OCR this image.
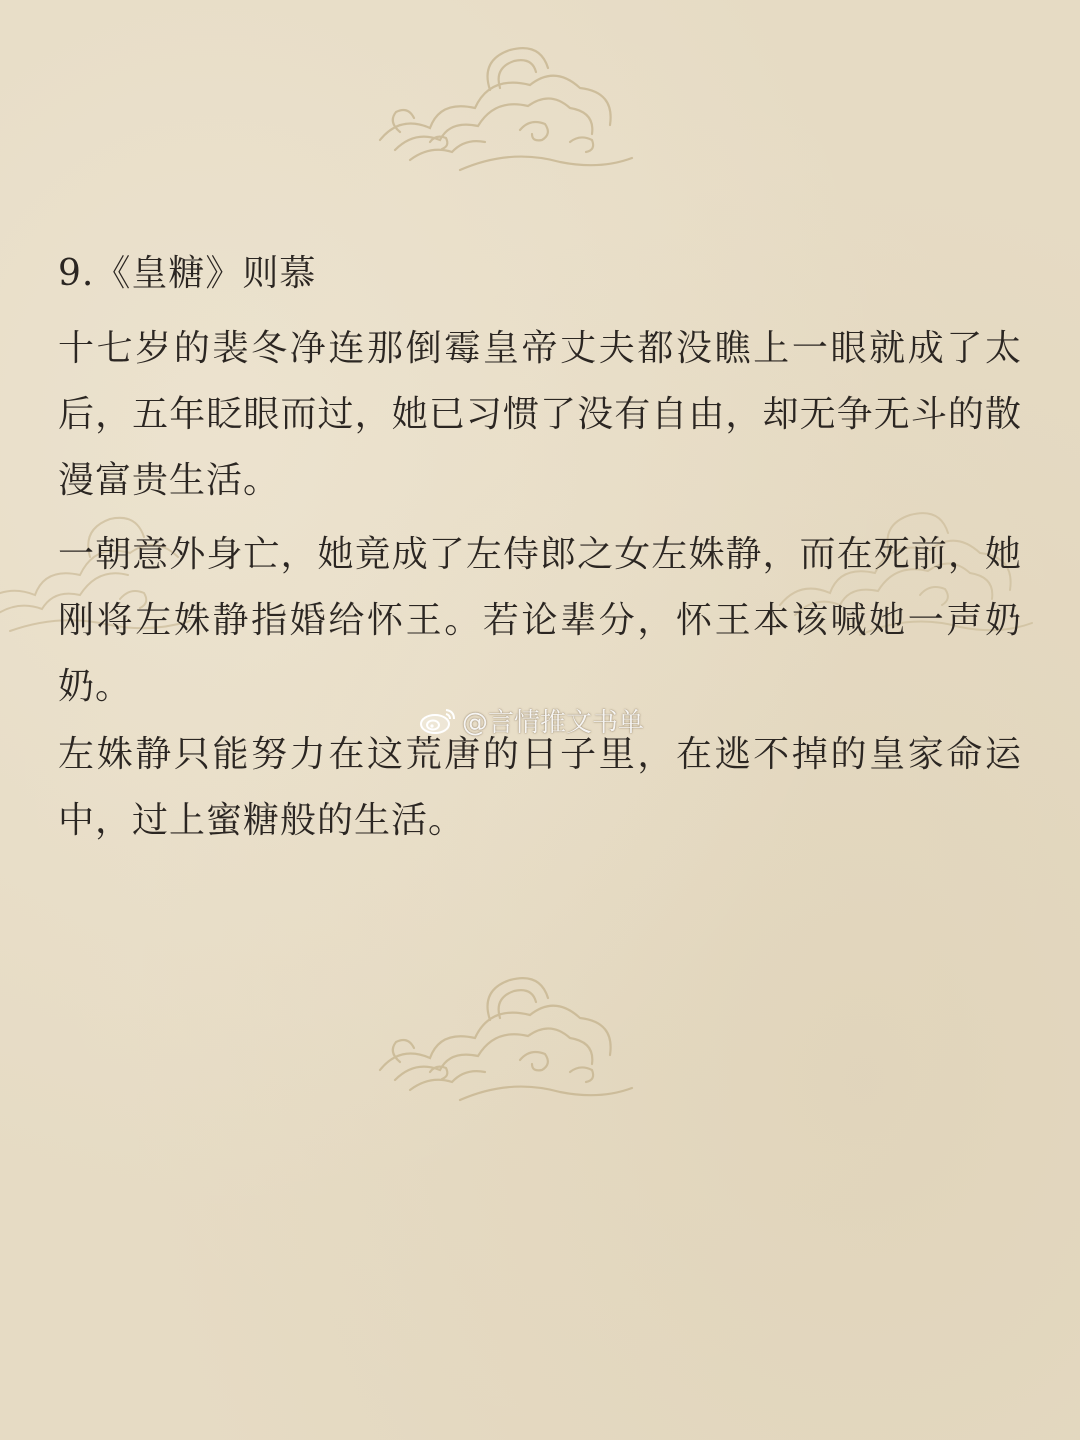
9.《皇糖》则慕

十七岁的裴冬净连那倒霉皇帝丈夫都没瞧上一眼就成了太后，五年眨眼而过，她已习惯了没有自由，却无争无斗的散漫富贵生活。

一朝意外身亡，她竟成了左侍郎之女左姝静，而在死前，她刚将左姝静指婚给怀王。若论辈分，怀王本该喊她一声奶奶。

左姝静只能努力在这荒唐的日子里，在逃不掉的皇家命运中，过上蜜糖般的生活。

@言情推文书单
